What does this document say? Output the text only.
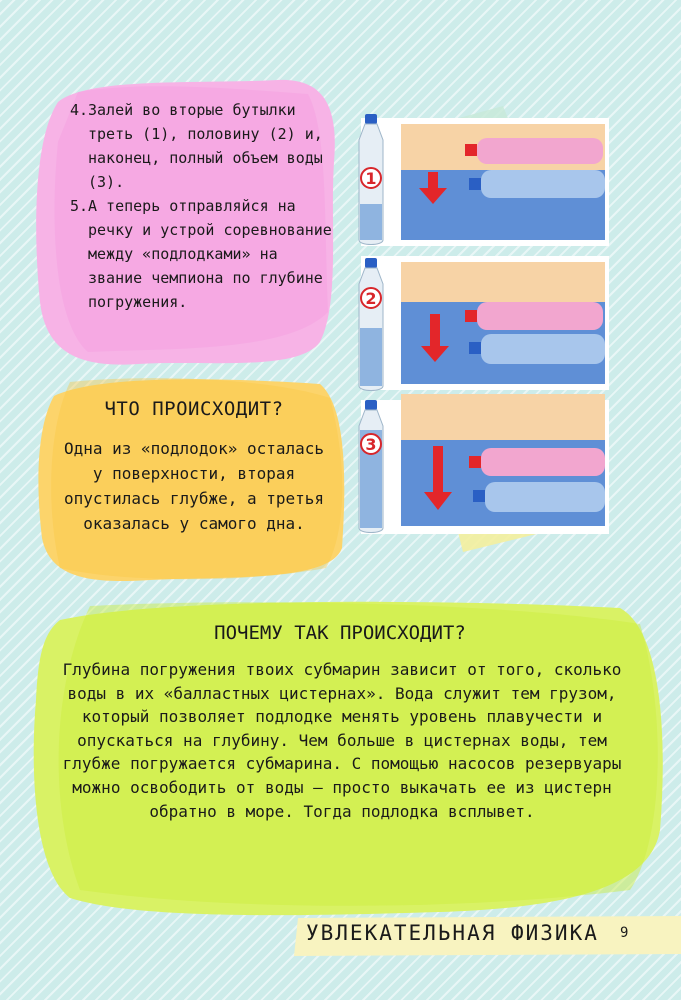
4. Залей во вторые бутылки треть (1), половину (2) и, наконец, полный объем воды (3).
5. А теперь отправляйся на речку и устрой соревнование между «подлодками» на звание чемпиона по глубине погружения.
ЧТО ПРОИСХОДИТ?
Одна из «подлодок» осталась у поверхности, вторая опустилась глубже, а третья оказалась у самого дна.
ПОЧЕМУ ТАК ПРОИСХОДИТ?
Глубина погружения твоих субмарин зависит от того, сколько воды в их «балластных цистернах». Вода служит тем грузом, который позволяет подлодке менять уровень плавучести и опускаться на глубину. Чем больше в цистернах воды, тем глубже погружается субмарина. С помощью насосов резервуары можно освободить от воды — просто выкачать ее из цистерн обратно в море. Тогда подлодка всплывет.
УВЛЕКАТЕЛЬНАЯ ФИЗИКА 9
1
2
3
